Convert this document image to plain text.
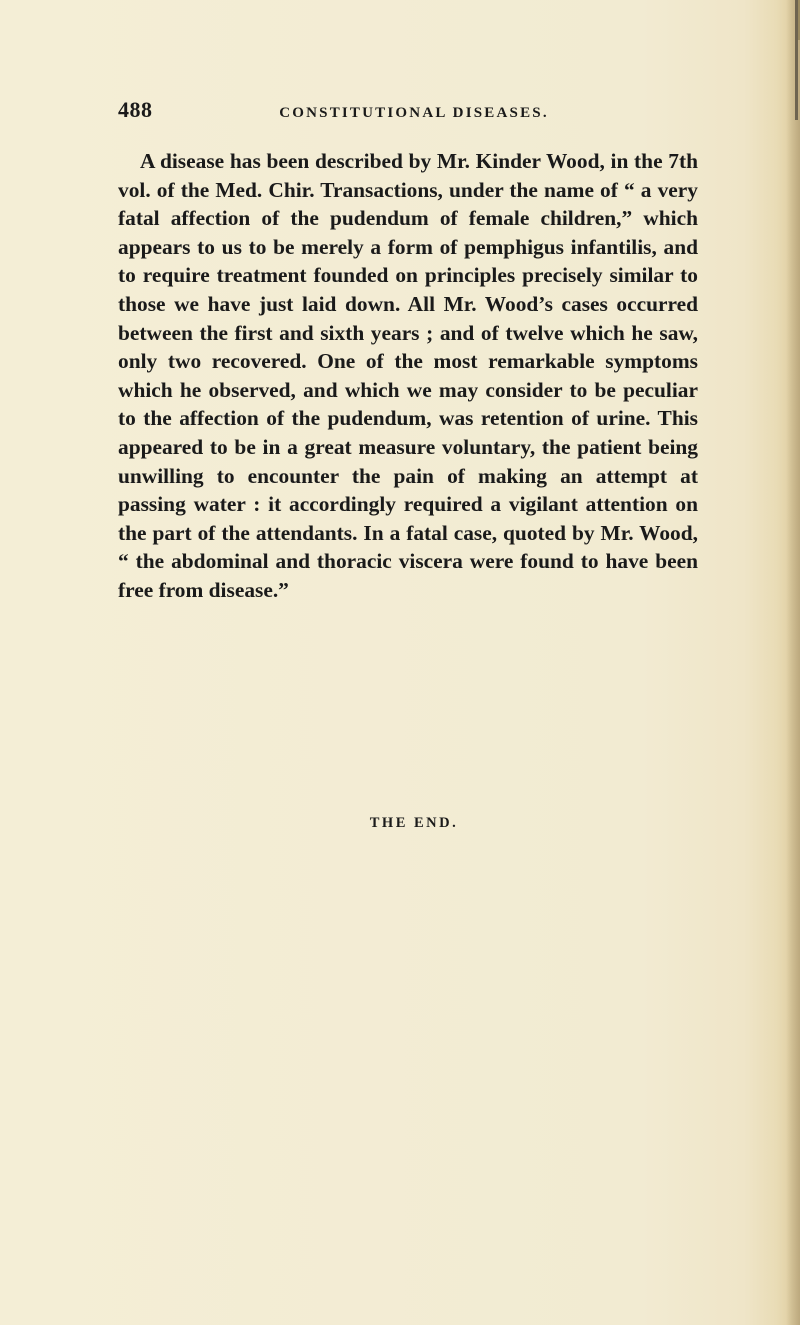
488	CONSTITUTIONAL DISEASES.

A disease has been described by Mr. Kinder Wood, in the 7th vol. of the Med. Chir. Transactions, under the name of “ a very fatal affection of the pudendum of female children,” which appears to us to be merely a form of pemphigus infantilis, and to require treatment founded on principles precisely similar to those we have just laid down. All Mr. Wood’s cases occurred between the first and sixth years ; and of twelve which he saw, only two recovered. One of the most remarkable symptoms which he observed, and which we may consider to be peculiar to the affection of the pudendum, was retention of urine. This appeared to be in a great measure voluntary, the patient being unwilling to encounter the pain of making an attempt at passing water : it accordingly required a vigilant attention on the part of the attendants. In a fatal case, quoted by Mr. Wood, “ the abdominal and thoracic viscera were found to have been free from disease.”

THE END.
